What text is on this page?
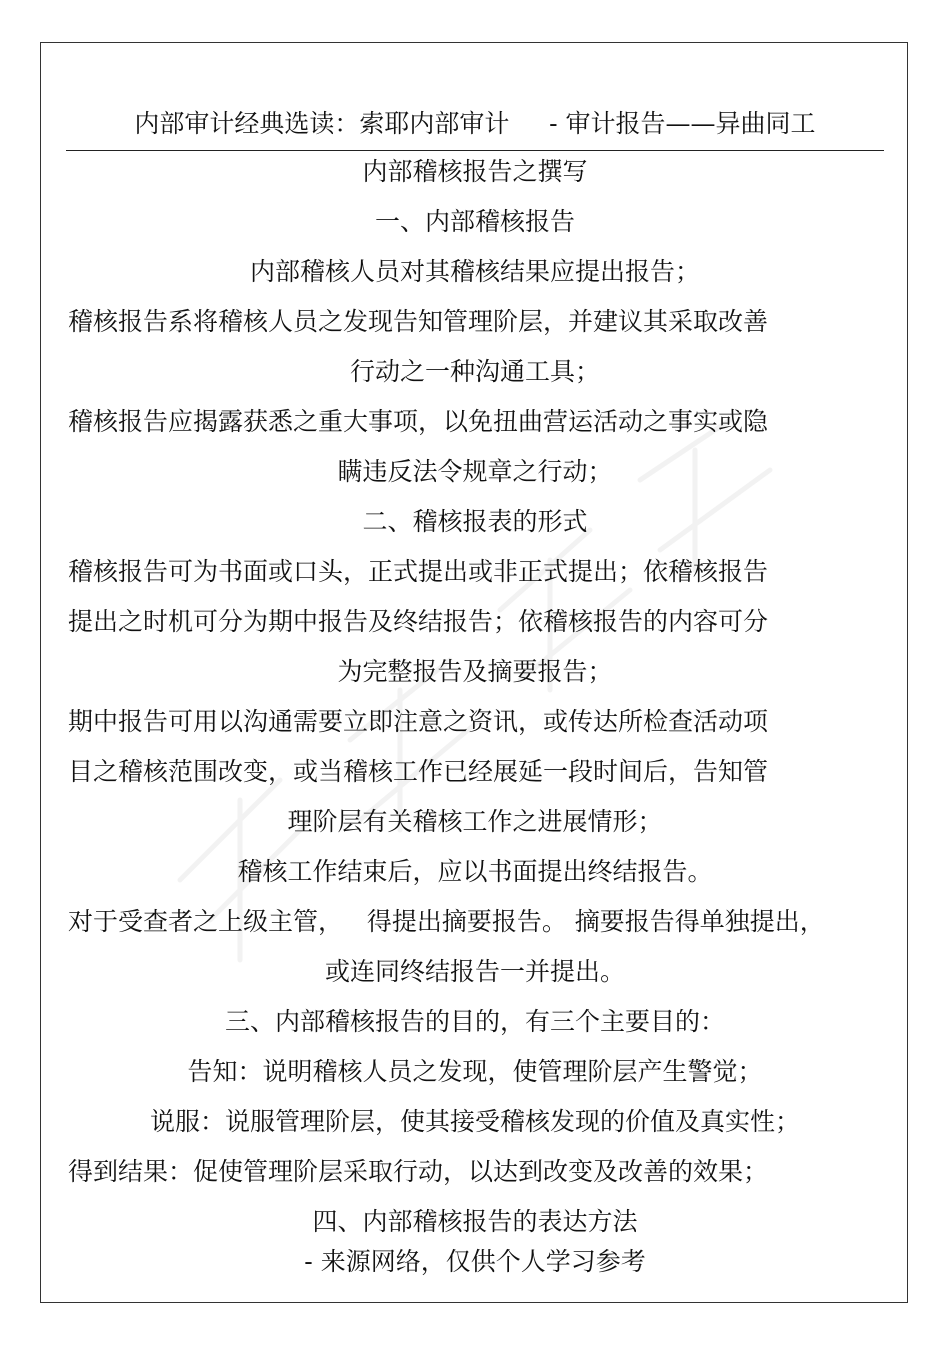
内部审计经典选读：索耶内部审计     - 审计报告——异曲同工
内部稽核报告之撰写
一、内部稽核报告
内部稽核人员对其稽核结果应提出报告；
稽核报告系将稽核人员之发现告知管理阶层，并建议其采取改善
行动之一种沟通工具；
稽核报告应揭露获悉之重大事项，以免扭曲营运活动之事实或隐
瞒违反法令规章之行动；
二、稽核报表的形式
稽核报告可为书面或口头，正式提出或非正式提出；依稽核报告
提出之时机可分为期中报告及终结报告；依稽核报告的内容可分
为完整报告及摘要报告；
期中报告可用以沟通需要立即注意之资讯，或传达所检查活动项
目之稽核范围改变，或当稽核工作已经展延一段时间后，告知管
理阶层有关稽核工作之进展情形；
稽核工作结束后，应以书面提出终结报告。
对于受查者之上级主管，   得提出摘要报告。 摘要报告得单独提出，
或连同终结报告一并提出。
三、内部稽核报告的目的，有三个主要目的：
告知：说明稽核人员之发现，使管理阶层产生警觉；
说服：说服管理阶层，使其接受稽核发现的价值及真实性；
得到结果：促使管理阶层采取行动，以达到改变及改善的效果；
四、内部稽核报告的表达方法
- 来源网络，仅供个人学习参考
